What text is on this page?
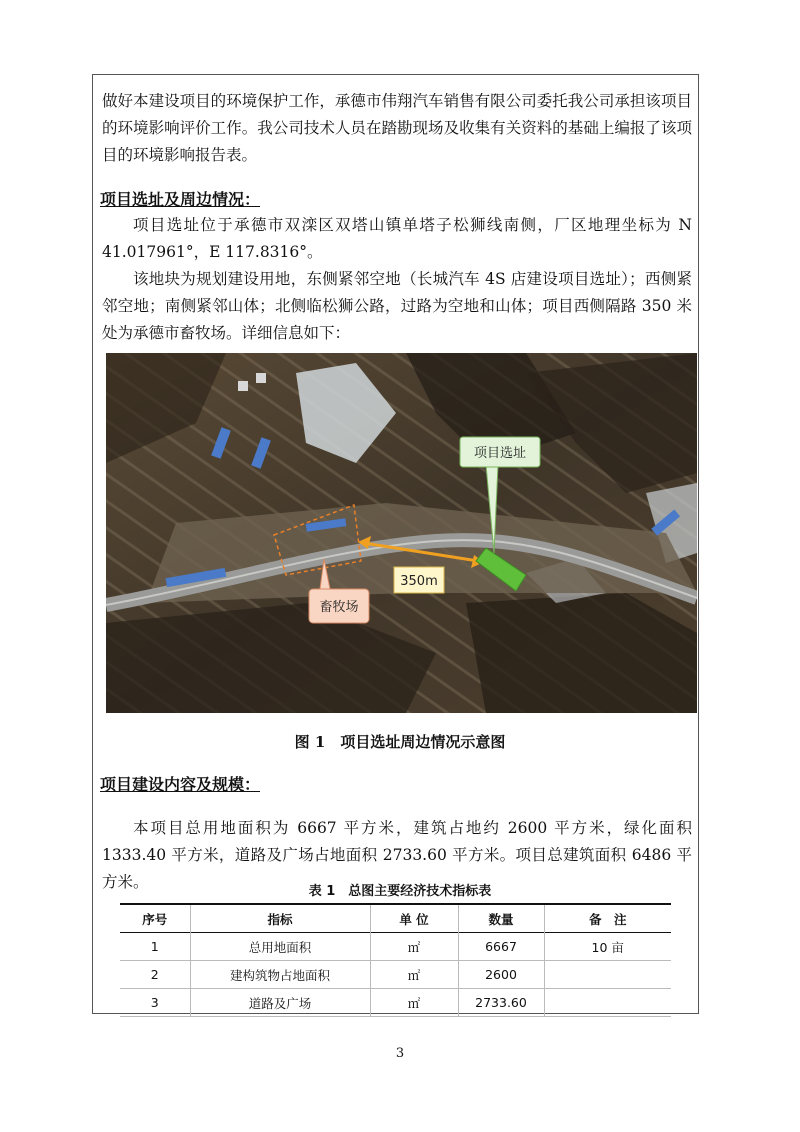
做好本建设项目的环境保护工作，承德市伟翔汽车销售有限公司委托我公司承担该项目的环境影响评价工作。我公司技术人员在踏勘现场及收集有关资料的基础上编报了该项目的环境影响报告表。

项目选址及周边情况：

项目选址位于承德市双滦区双塔山镇单塔子松狮线南侧，厂区地理坐标为 N 41.017961°，E 117.8316°。

该地块为规划建设用地，东侧紧邻空地（长城汽车 4S 店建设项目选址）；西侧紧邻空地；南侧紧邻山体；北侧临松狮公路，过路为空地和山体；项目西侧隔路 350 米处为承德市畜牧场。详细信息如下：

项目选址
畜牧场
350m

图 1　项目选址周边情况示意图

项目建设内容及规模：

本项目总用地面积为 6667 平方米，建筑占地约 2600 平方米，绿化面积 1333.40 平方米，道路及广场占地面积 2733.60 平方米。项目总建筑面积 6486 平方米。

表 1　总图主要经济技术指标表

序号	指标	单 位	数量	备　注
1	总用地面积	㎡	6667	10 亩
2	建构筑物占地面积	㎡	2600	
3	道路及广场	㎡	2733.60	
3
